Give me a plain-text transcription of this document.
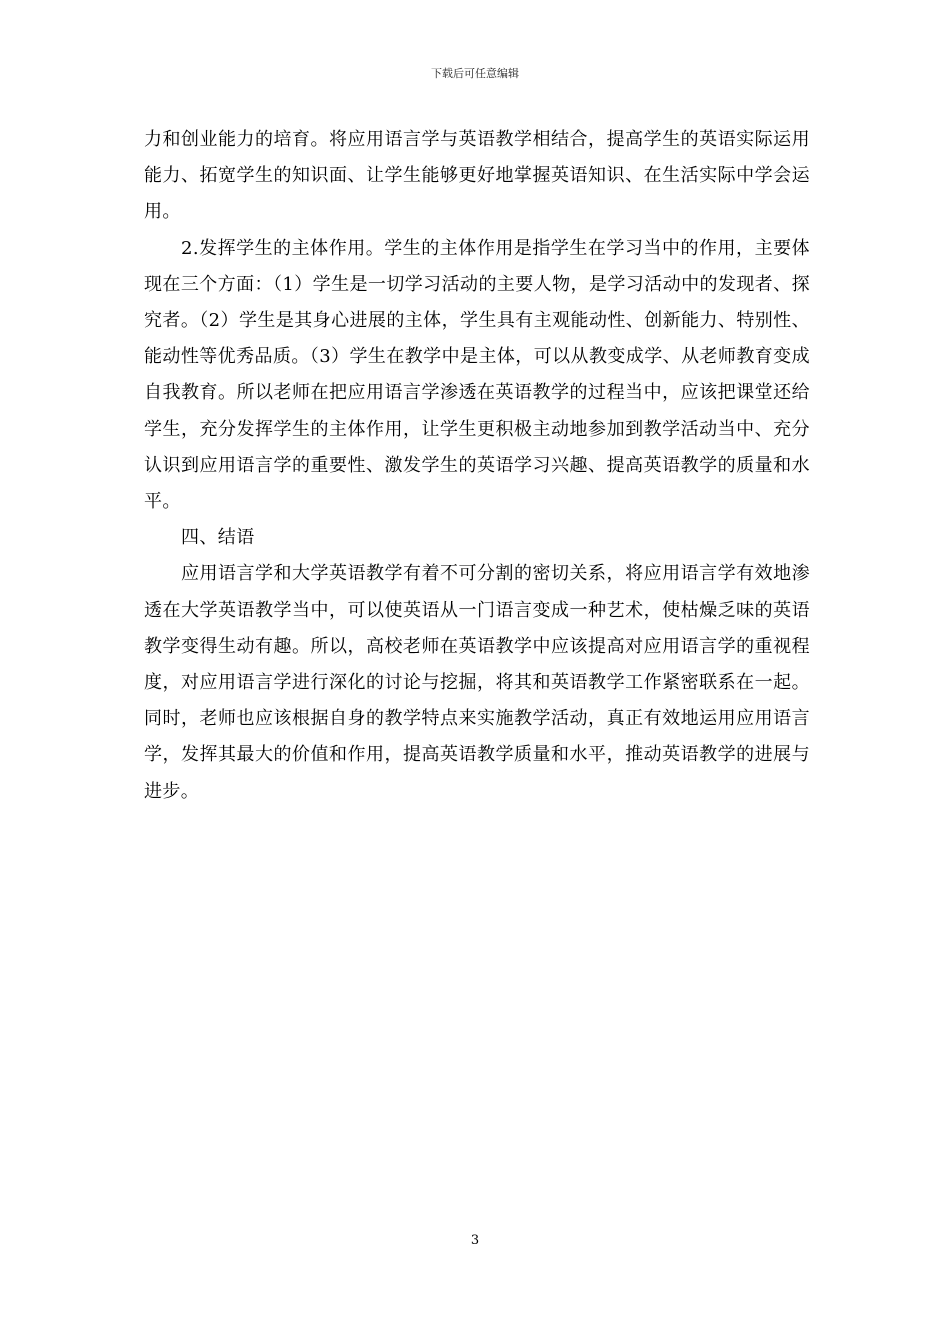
下载后可任意编辑

力和创业能力的培育。将应用语言学与英语教学相结合，提高学生的英语实际运用能力、拓宽学生的知识面、让学生能够更好地掌握英语知识、在生活实际中学会运用。

2.发挥学生的主体作用。学生的主体作用是指学生在学习当中的作用，主要体现在三个方面：（1）学生是一切学习活动的主要人物，是学习活动中的发现者、探究者。（2）学生是其身心进展的主体，学生具有主观能动性、创新能力、特别性、能动性等优秀品质。（3）学生在教学中是主体，可以从教变成学、从老师教育变成自我教育。所以老师在把应用语言学渗透在英语教学的过程当中，应该把课堂还给学生，充分发挥学生的主体作用，让学生更积极主动地参加到教学活动当中、充分认识到应用语言学的重要性、激发学生的英语学习兴趣、提高英语教学的质量和水平。

四、结语

应用语言学和大学英语教学有着不可分割的密切关系，将应用语言学有效地渗透在大学英语教学当中，可以使英语从一门语言变成一种艺术，使枯燥乏味的英语教学变得生动有趣。所以，高校老师在英语教学中应该提高对应用语言学的重视程度，对应用语言学进行深化的讨论与挖掘，将其和英语教学工作紧密联系在一起。同时，老师也应该根据自身的教学特点来实施教学活动，真正有效地运用应用语言学，发挥其最大的价值和作用，提高英语教学质量和水平，推动英语教学的进展与进步。

3
